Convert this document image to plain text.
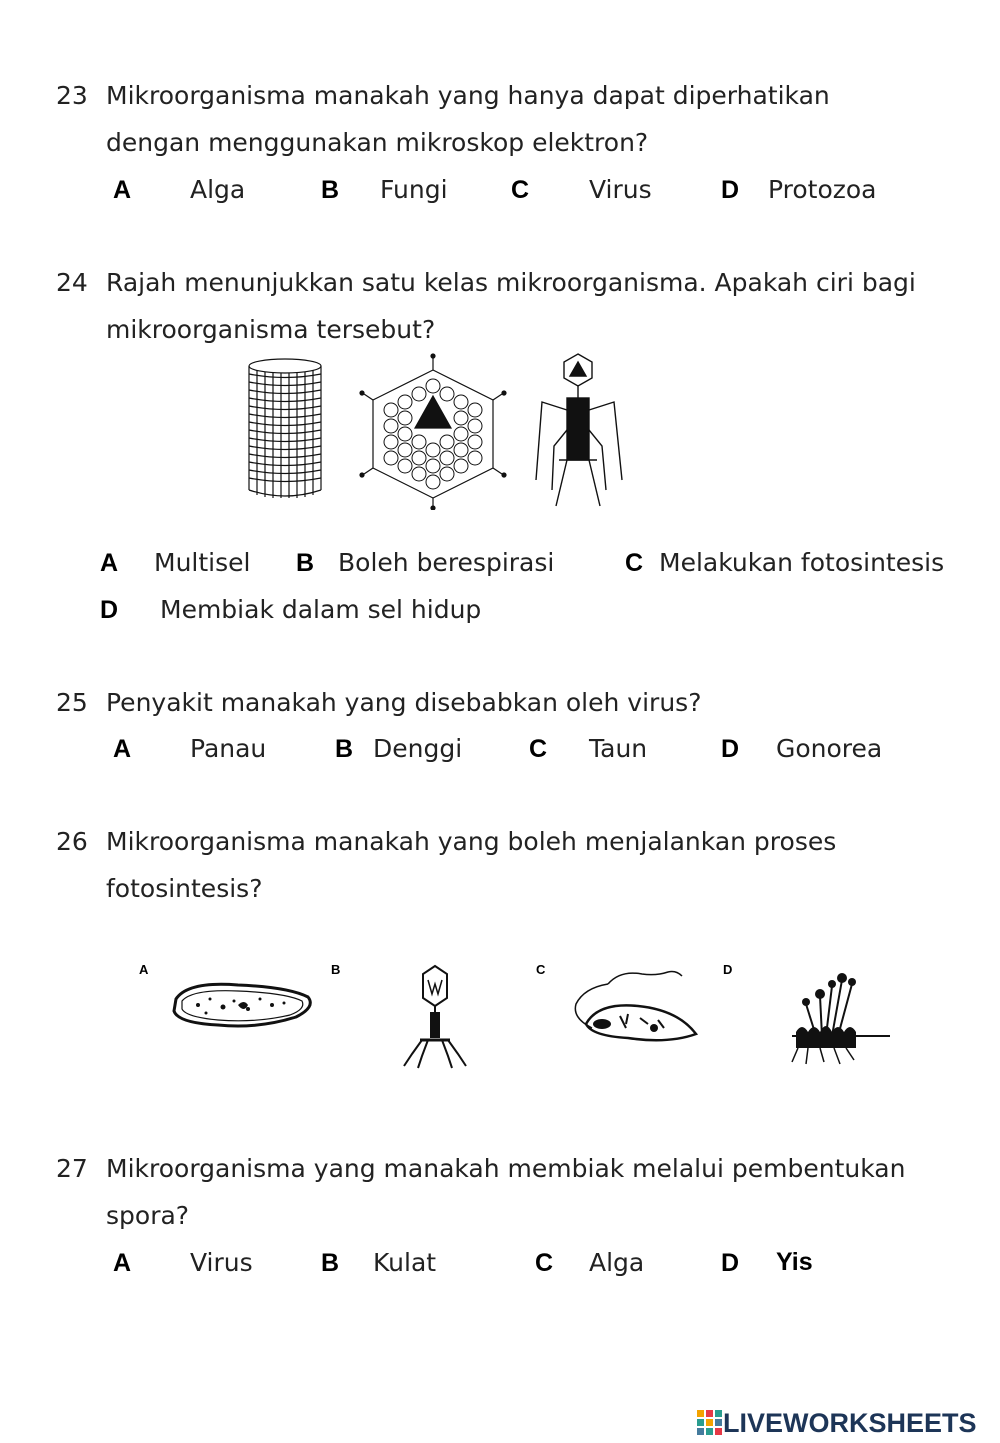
23 Mikroorganisma manakah yang hanya dapat diperhatikan
dengan menggunakan mikroskop elektron?
A Alga	B Fungi	C Virus	D Protozoa
24 Rajah menunjukkan satu kelas mikroorganisma. Apakah ciri bagi
mikroorganisma tersebut?
A Multisel B Boleh berespirasi	C Melakukan fotosintesis
D Membiak dalam sel hidup
25 Penyakit manakah yang disebabkan oleh virus?
A Panau	B Denggi	C Taun	D Gonorea
26 Mikroorganisma manakah yang boleh menjalankan proses
fotosintesis?
A	B	C	D
27 Mikroorganisma yang manakah membiak melalui pembentukan
spora?
A Virus	B Kulat	C Alga	D Yis
LIVEWORKSHEETS
